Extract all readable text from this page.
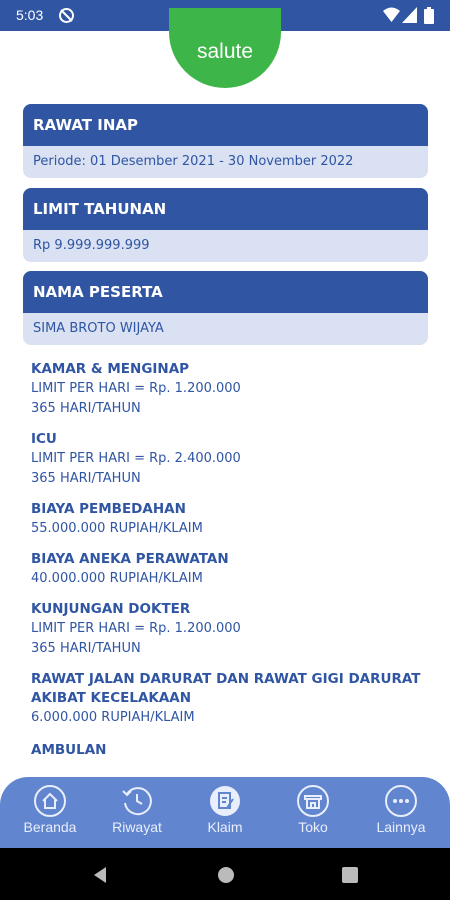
5:03
salute
RAWAT INAP
Periode: 01 Desember 2021 - 30 November 2022
LIMIT TAHUNAN
Rp 9.999.999.999
NAMA PESERTA
SIMA BROTO WIJAYA
KAMAR & MENGINAP
LIMIT PER HARI = Rp. 1.200.000
365 HARI/TAHUN
ICU
LIMIT PER HARI = Rp. 2.400.000
365 HARI/TAHUN
BIAYA PEMBEDAHAN
55.000.000 RUPIAH/KLAIM
BIAYA ANEKA PERAWATAN
40.000.000 RUPIAH/KLAIM
KUNJUNGAN DOKTER
LIMIT PER HARI = Rp. 1.200.000
365 HARI/TAHUN
RAWAT JALAN DARURAT DAN RAWAT GIGI DARURAT AKIBAT KECELAKAAN
6.000.000 RUPIAH/KLAIM
AMBULAN
Beranda	Riwayat	Klaim	Toko	Lainnya
